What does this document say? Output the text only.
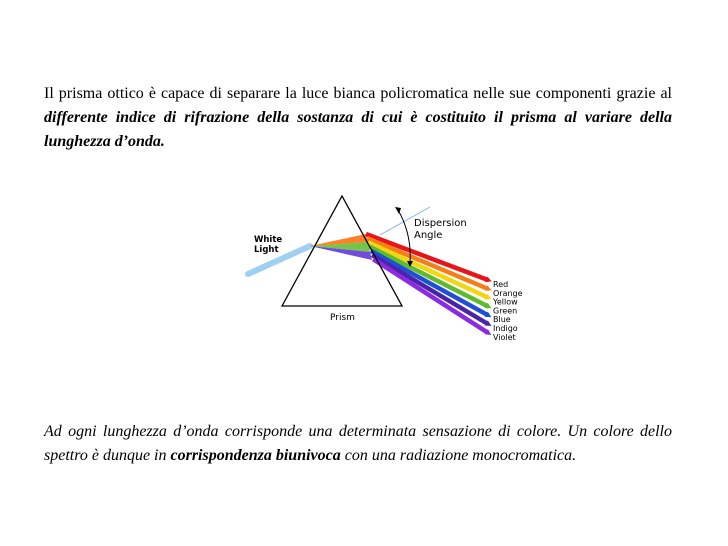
Il prisma ottico è capace di separare la luce bianca policromatica nelle sue componenti grazie al differente indice di rifrazione della sostanza di cui è costituito il prisma al variare della lunghezza d’onda.

White
Light
Dispersion
Angle
Prism
Red
Orange
Yellow
Green
Blue
Indigo
Violet

Ad ogni lunghezza d’onda corrisponde una determinata sensazione di colore. Un colore dello spettro è dunque in corrispondenza biunivoca con una radiazione monocromatica.
